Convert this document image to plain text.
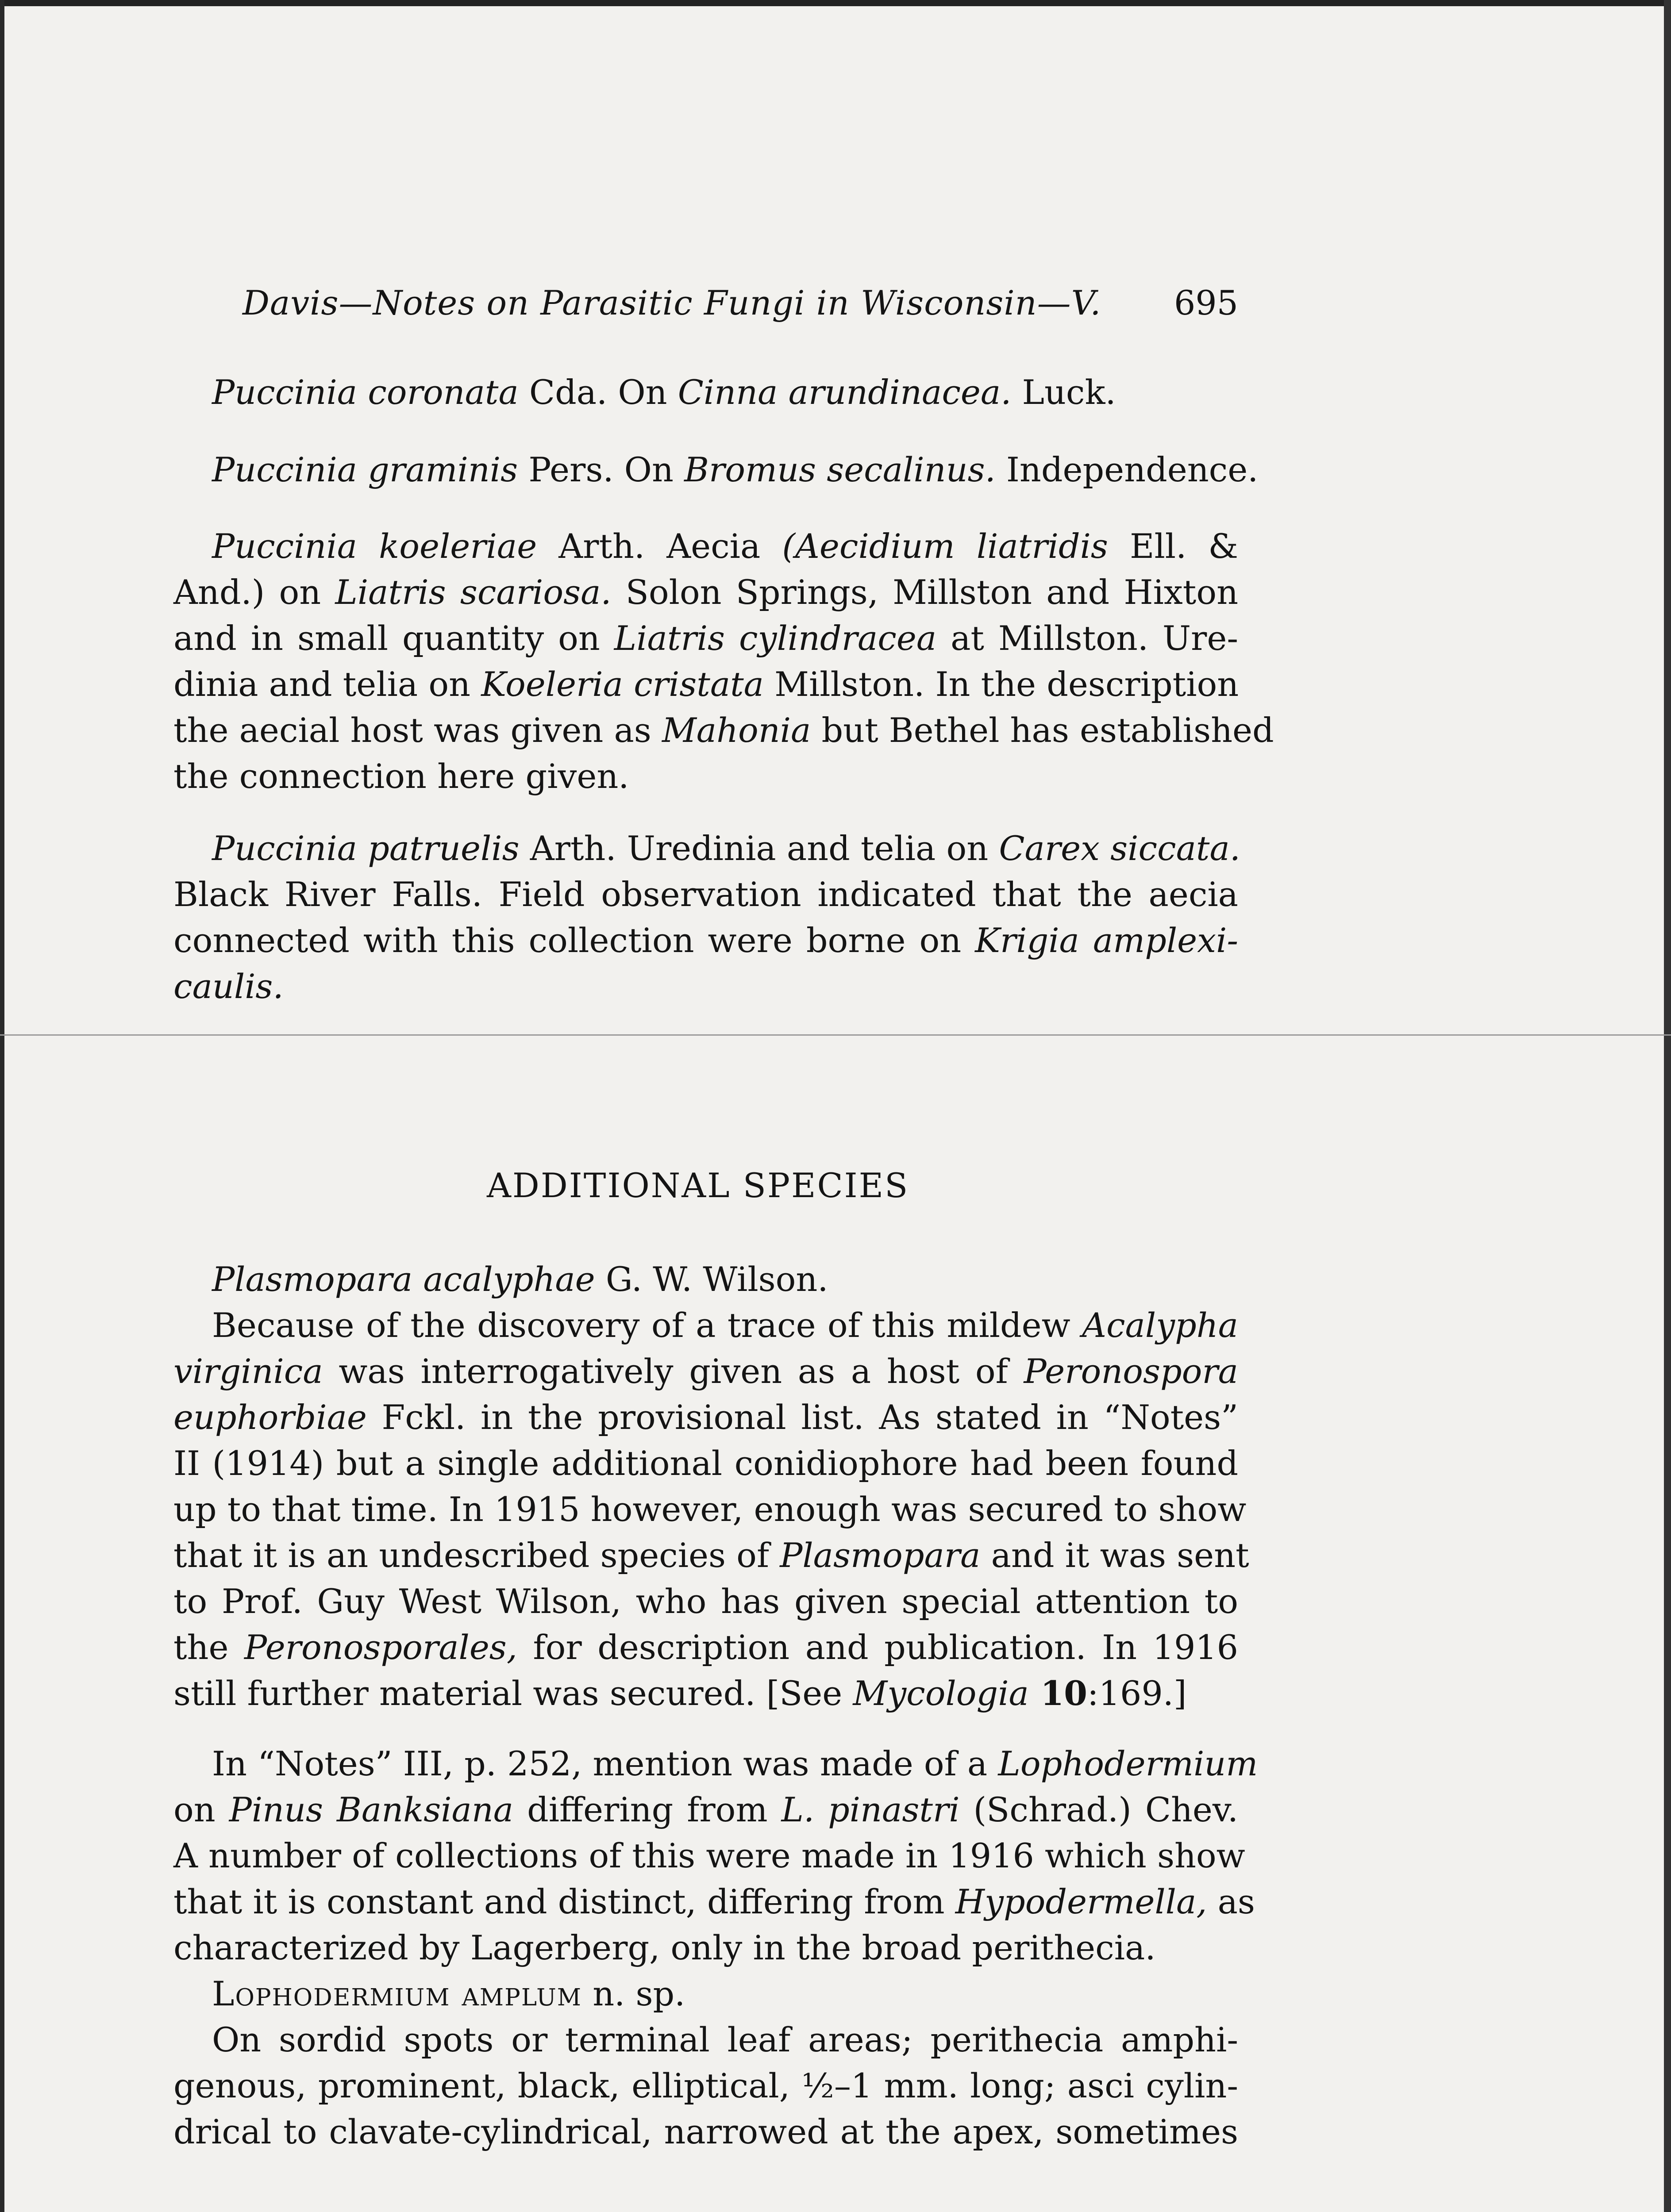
Davis—Notes on Parasitic Fungi in Wisconsin—V. 695
Puccinia coronata Cda. On Cinna arundinacea. Luck.
Puccinia graminis Pers. On Bromus secalinus. Independence.
Puccinia koeleriae Arth. Aecia (Aecidium liatridis Ell. &
And.) on Liatris scariosa. Solon Springs, Millston and Hixton
and in small quantity on Liatris cylindracea at Millston. Ure-
dinia and telia on Koeleria cristata Millston. In the description
the aecial host was given as Mahonia but Bethel has established
the connection here given.
Puccinia patruelis Arth. Uredinia and telia on Carex siccata.
Black River Falls. Field observation indicated that the aecia
connected with this collection were borne on Krigia amplexi-
caulis.
ADDITIONAL SPECIES
Plasmopara acalyphae G. W. Wilson.
Because of the discovery of a trace of this mildew Acalypha
virginica was interrogatively given as a host of Peronospora
euphorbiae Fckl. in the provisional list. As stated in “Notes”
II (1914) but a single additional conidiophore had been found
up to that time. In 1915 however, enough was secured to show
that it is an undescribed species of Plasmopara and it was sent
to Prof. Guy West Wilson, who has given special attention to
the Peronosporales, for description and publication. In 1916
still further material was secured. [See Mycologia 10:169.]
In “Notes” III, p. 252, mention was made of a Lophodermium
on Pinus Banksiana differing from L. pinastri (Schrad.) Chev.
A number of collections of this were made in 1916 which show
that it is constant and distinct, differing from Hypodermella, as
characterized by Lagerberg, only in the broad perithecia.
Lophodermium amplum n. sp.
On sordid spots or terminal leaf areas; perithecia amphi-
genous, prominent, black, elliptical, ½–1 mm. long; asci cylin-
drical to clavate-cylindrical, narrowed at the apex, sometimes
